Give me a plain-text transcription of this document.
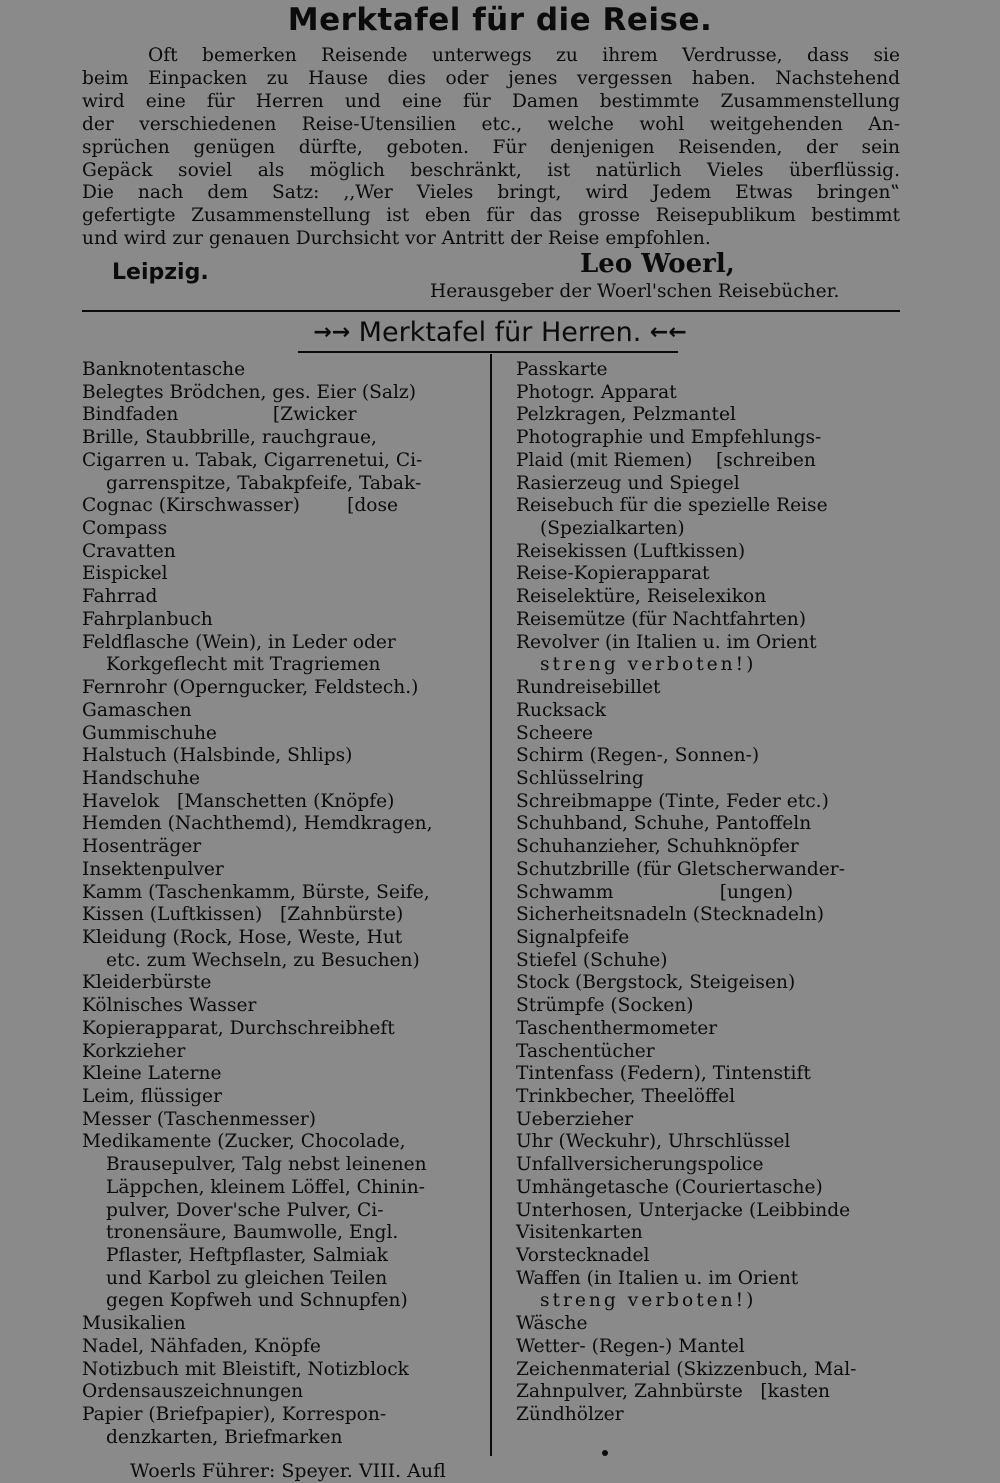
Merktafel für die Reise.
Oft bemerken Reisende unterwegs zu ihrem Verdrusse, dass sie
beim Einpacken zu Hause dies oder jenes vergessen haben. Nachstehend
wird eine für Herren und eine für Damen bestimmte Zusammenstellung
der verschiedenen Reise-Utensilien etc., welche wohl weitgehenden An-
sprüchen genügen dürfte, geboten. Für denjenigen Reisenden, der sein
Gepäck soviel als möglich beschränkt, ist natürlich Vieles überflüssig.
Die nach dem Satz: ,,Wer Vieles bringt, wird Jedem Etwas bringen‟
gefertigte Zusammenstellung ist eben für das grosse Reisepublikum bestimmt
und wird zur genauen Durchsicht vor Antritt der Reise empfohlen.
Leipzig.	Leo Woerl,
Herausgeber der Woerl'schen Reisebücher.
→→ Merktafel für Herren. ←←
Banknotentasche
Belegtes Brödchen, ges. Eier (Salz)
Bindfaden                [Zwicker
Brille, Staubbrille, rauchgraue,
Cigarren u. Tabak, Cigarrenetui, Ci-
garrenspitze, Tabakpfeife, Tabak-
Cognac (Kirschwasser)        [dose
Compass
Cravatten
Eispickel
Fahrrad
Fahrplanbuch
Feldflasche (Wein), in Leder oder
Korkgeflecht mit Tragriemen
Fernrohr (Operngucker, Feldstech.)
Gamaschen
Gummischuhe
Halstuch (Halsbinde, Shlips)
Handschuhe
Havelok   [Manschetten (Knöpfe)
Hemden (Nachthemd), Hemdkragen,
Hosenträger
Insektenpulver
Kamm (Taschenkamm, Bürste, Seife,
Kissen (Luftkissen)   [Zahnbürste)
Kleidung (Rock, Hose, Weste, Hut
etc. zum Wechseln, zu Besuchen)
Kleiderbürste
Kölnisches Wasser
Kopierapparat, Durchschreibheft
Korkzieher
Kleine Laterne
Leim, flüssiger
Messer (Taschenmesser)
Medikamente (Zucker, Chocolade,
Brausepulver, Talg nebst leinenen
Läppchen, kleinem Löffel, Chinin-
pulver, Dover'sche Pulver, Ci-
tronensäure, Baumwolle, Engl.
Pflaster, Heftpflaster, Salmiak
und Karbol zu gleichen Teilen
gegen Kopfweh und Schnupfen)
Musikalien
Nadel, Nähfaden, Knöpfe
Notizbuch mit Bleistift, Notizblock
Ordensauszeichnungen
Papier (Briefpapier), Korrespon-
denzkarten, Briefmarken
Passkarte
Photogr. Apparat
Pelzkragen, Pelzmantel
Photographie und Empfehlungs-
Plaid (mit Riemen)    [schreiben
Rasierzeug und Spiegel
Reisebuch für die spezielle Reise
(Spezialkarten)
Reisekissen (Luftkissen)
Reise-Kopierapparat
Reiselektüre, Reiselexikon
Reisemütze (für Nachtfahrten)
Revolver (in Italien u. im Orient
streng verboten!)
Rundreisebillet
Rucksack
Scheere
Schirm (Regen-, Sonnen-)
Schlüsselring
Schreibmappe (Tinte, Feder etc.)
Schuhband, Schuhe, Pantoffeln
Schuhanzieher, Schuhknöpfer
Schutzbrille (für Gletscherwander-
Schwamm                  [ungen)
Sicherheitsnadeln (Stecknadeln)
Signalpfeife
Stiefel (Schuhe)
Stock (Bergstock, Steigeisen)
Strümpfe (Socken)
Taschenthermometer
Taschentücher
Tintenfass (Federn), Tintenstift
Trinkbecher, Theelöffel
Ueberzieher
Uhr (Weckuhr), Uhrschlüssel
Unfallversicherungspolice
Umhängetasche (Couriertasche)
Unterhosen, Unterjacke (Leibbinde
Visitenkarten
Vorstecknadel
Waffen (in Italien u. im Orient
streng verboten!)
Wäsche
Wetter- (Regen-) Mantel
Zeichenmaterial (Skizzenbuch, Mal-
Zahnpulver, Zahnbürste   [kasten
Zündhölzer
Woerls Führer: Speyer. VIII. Aufl
